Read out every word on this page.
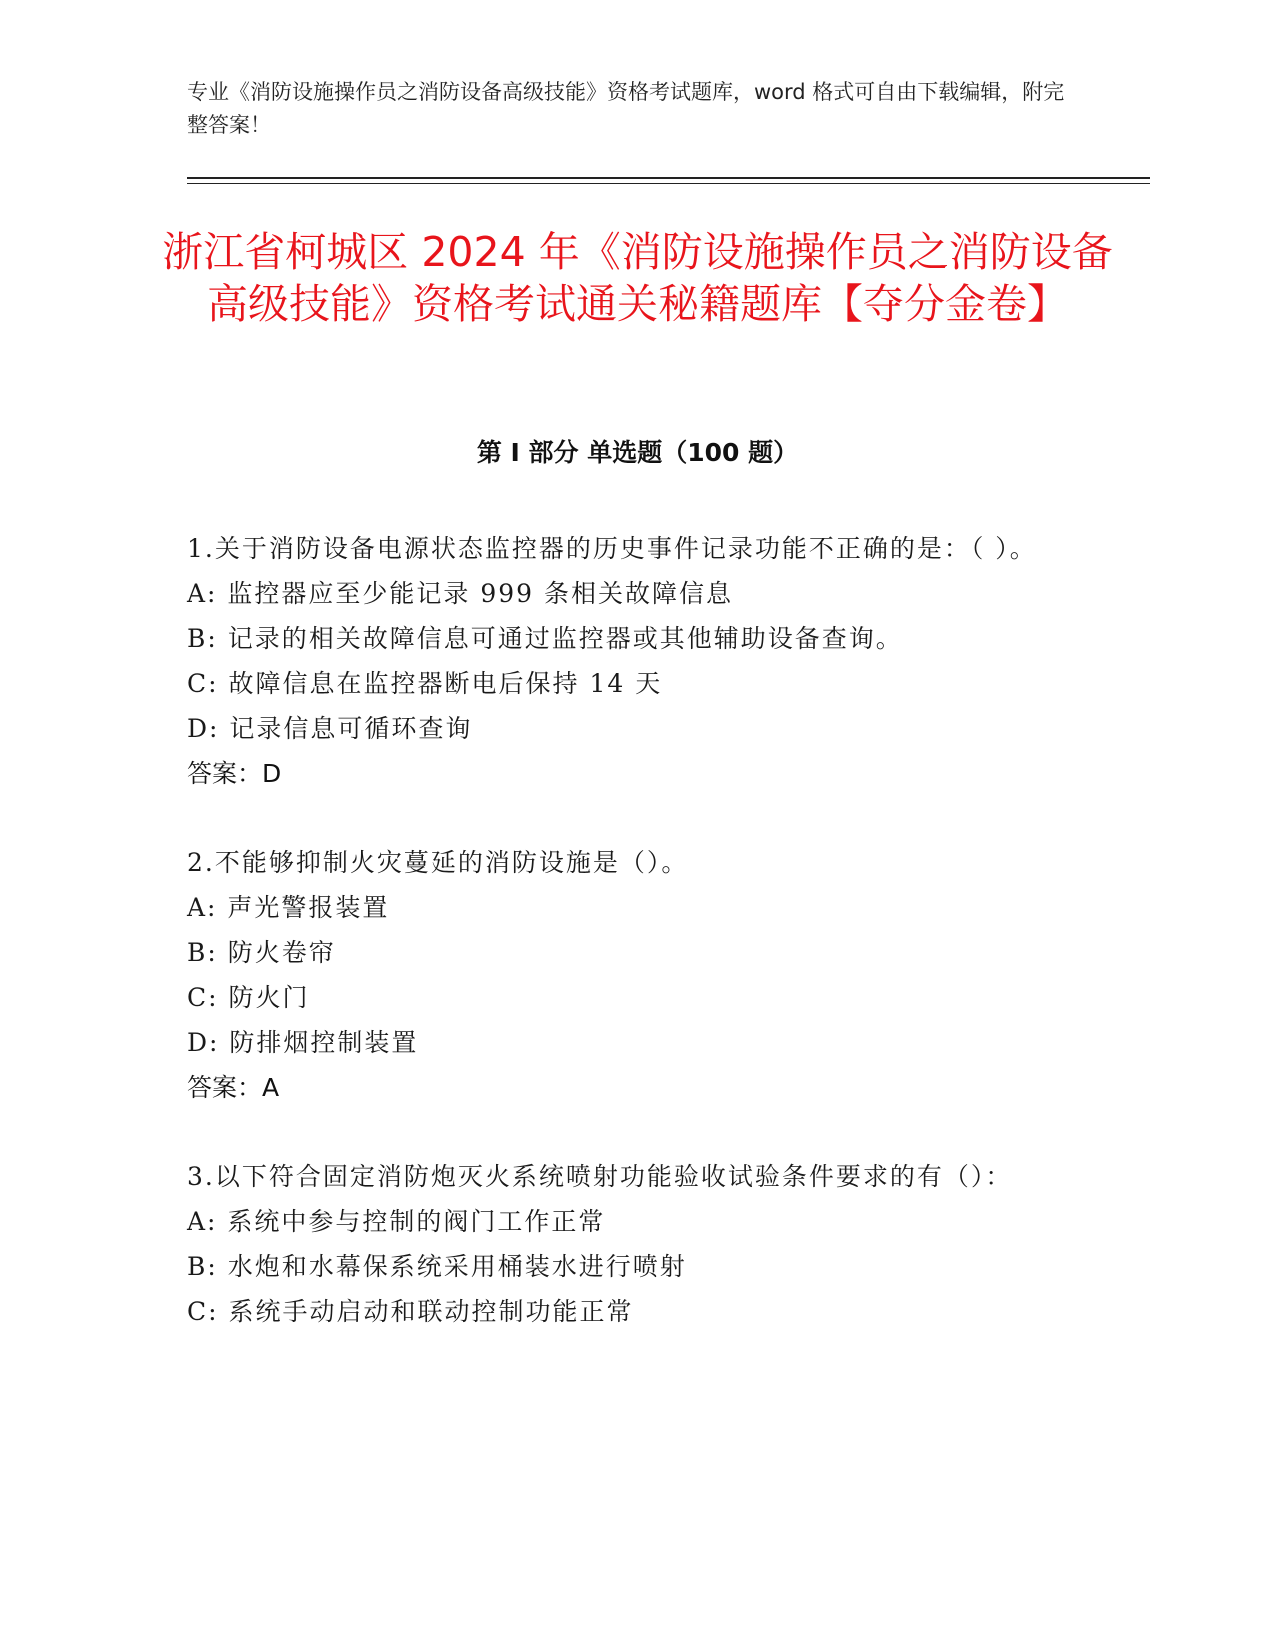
专业《消防设施操作员之消防设备高级技能》资格考试题库，word 格式可自由下载编辑，附完整答案！
浙江省柯城区 2024 年《消防设施操作员之消防设备高级技能》资格考试通关秘籍题库【夺分金卷】
第 I 部分 单选题（100 题）
1.关于消防设备电源状态监控器的历史事件记录功能不正确的是：（ ）。
A: 监控器应至少能记录 999 条相关故障信息
B: 记录的相关故障信息可通过监控器或其他辅助设备查询。
C: 故障信息在监控器断电后保持 14 天
D: 记录信息可循环查询
答案：D
2.不能够抑制火灾蔓延的消防设施是（）。
A: 声光警报装置
B: 防火卷帘
C: 防火门
D: 防排烟控制装置
答案：A
3.以下符合固定消防炮灭火系统喷射功能验收试验条件要求的有（）：
A: 系统中参与控制的阀门工作正常
B: 水炮和水幕保系统采用桶装水进行喷射
C: 系统手动启动和联动控制功能正常
